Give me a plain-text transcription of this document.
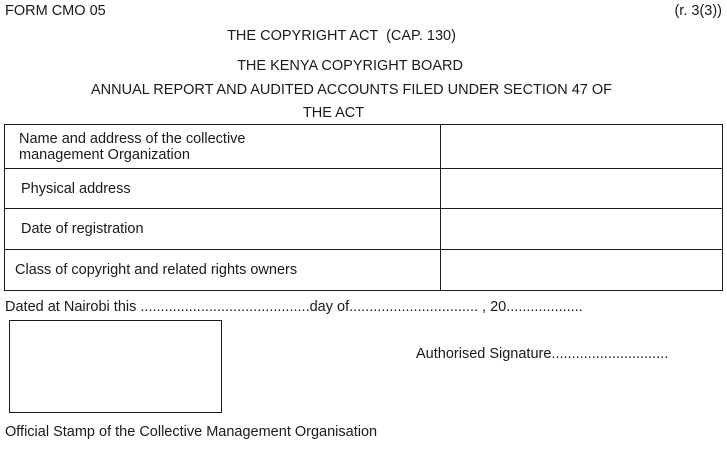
FORM CMO 05	(r. 3(3))
THE COPYRIGHT ACT  (CAP. 130)
THE KENYA COPYRIGHT BOARD
ANNUAL REPORT AND AUDITED ACCOUNTS FILED UNDER SECTION 47 OF
THE ACT
Name and address of the collective
management Organization	

Physical address	
Date of registration	
Class of copyright and related rights owners	
Dated at Nairobi this ..........................................day of................................ , 20...................
Authorised Signature.............................
Official Stamp of the Collective Management Organisation
